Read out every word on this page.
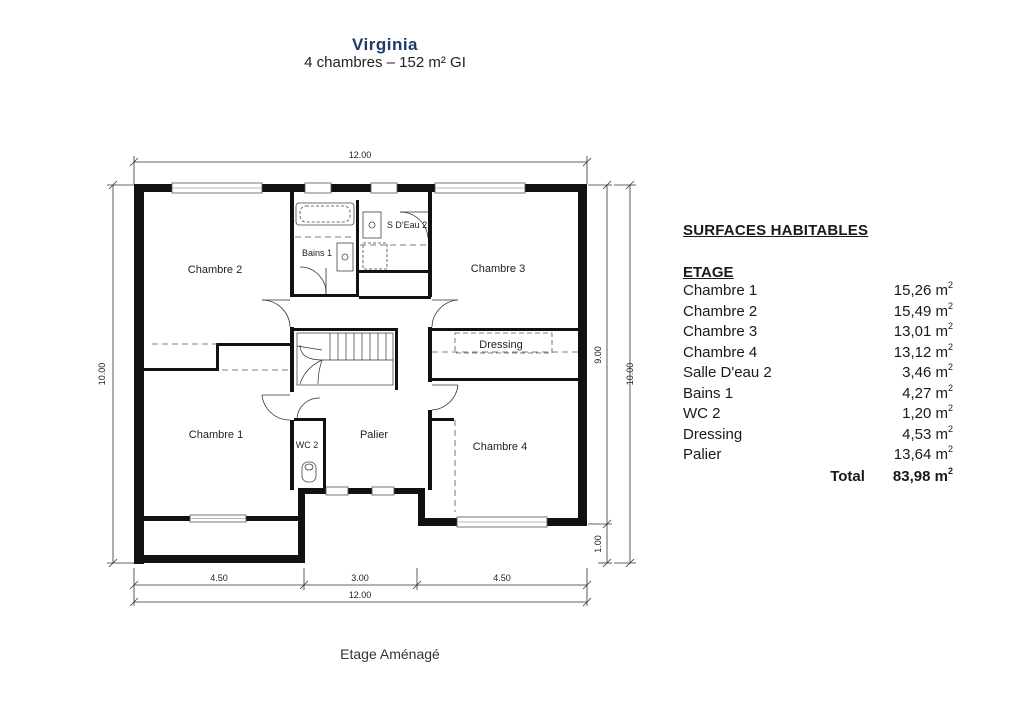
Virginia
4 chambres – 152 m² GI
12.00
10.00
9.00
1.00
10.00
4.50	3.00	4.50
12.00
Chambre 2	Chambre 3
Chambre 1
Chambre 4
Bains 1
S D'Eau 2
Dressing
WC 2
Palier
Etage Aménagé
SURFACES HABITABLES
ETAGE
Chambre 1	15,26 $m^2$
Chambre 2	15,49 $m^2$
Chambre 3	13,01 $m^2$
Chambre 4	13,12 $m^2$
Salle D'eau 2	3,46 $m^2$
Bains 1	4,27 $m^2$
WC 2	1,20 $m^2$
Dressing	4,53 $m^2$
Palier	13,64 $m^2$
Total 83,98 $m^2$
